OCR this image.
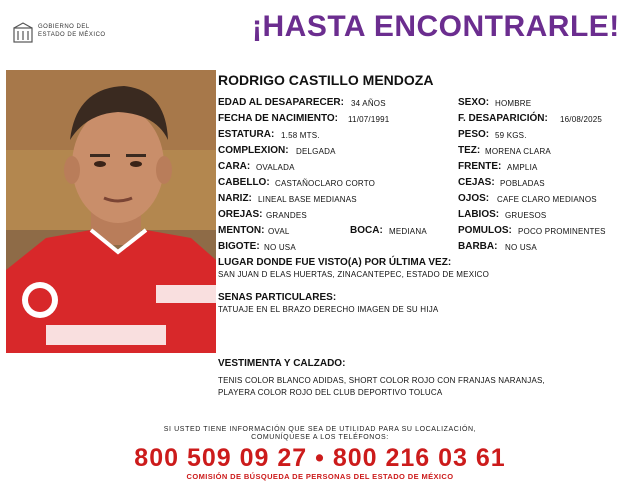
GOBIERNO DEL
ESTADO DE MÉXICO	¡HASTA ENCONTRARLE!
RODRIGO CASTILLO MENDOZA
EDAD AL DESAPARECER: 34 AÑOS
FECHA DE NACIMIENTO: 11/07/1991
ESTATURA: 1.58 MTS.
COMPLEXION: DELGADA
CARA: OVALADA
CABELLO: CASTAÑOCLARO CORTO
NARIZ: LINEAL BASE MEDIANAS
OREJAS: GRANDES
MENTON: OVAL	BOCA: MEDIANA
BIGOTE: NO USA
SEXO: HOMBRE
F. DESAPARICIÓN: 16/08/2025
PESO: 59 KGS.
TEZ: MORENA CLARA
FRENTE: AMPLIA
CEJAS: POBLADAS
OJOS: CAFE CLARO MEDIANOS
LABIOS: GRUESOS
POMULOS: POCO PROMINENTES
BARBA: NO USA
LUGAR DONDE FUE VISTO(A) POR ÚLTIMA VEZ:
SAN JUAN D ELAS HUERTAS, ZINACANTEPEC, ESTADO DE MEXICO
SENAS PARTICULARES:
TATUAJE EN EL BRAZO DERECHO IMAGEN DE SU HIJA
VESTIMENTA Y CALZADO:
TENIS COLOR BLANCO ADIDAS, SHORT COLOR ROJO CON FRANJAS NARANJAS,
PLAYERA COLOR ROJO DEL CLUB DEPORTIVO TOLUCA
SI USTED TIENE INFORMACIÓN QUE SEA DE UTILIDAD PARA SU LOCALIZACIÓN,
COMUNÍQUESE A LOS TELÉFONOS:
800 509 09 27 • 800 216 03 61
COMISIÓN DE BÚSQUEDA DE PERSONAS DEL ESTADO DE MÉXICO
